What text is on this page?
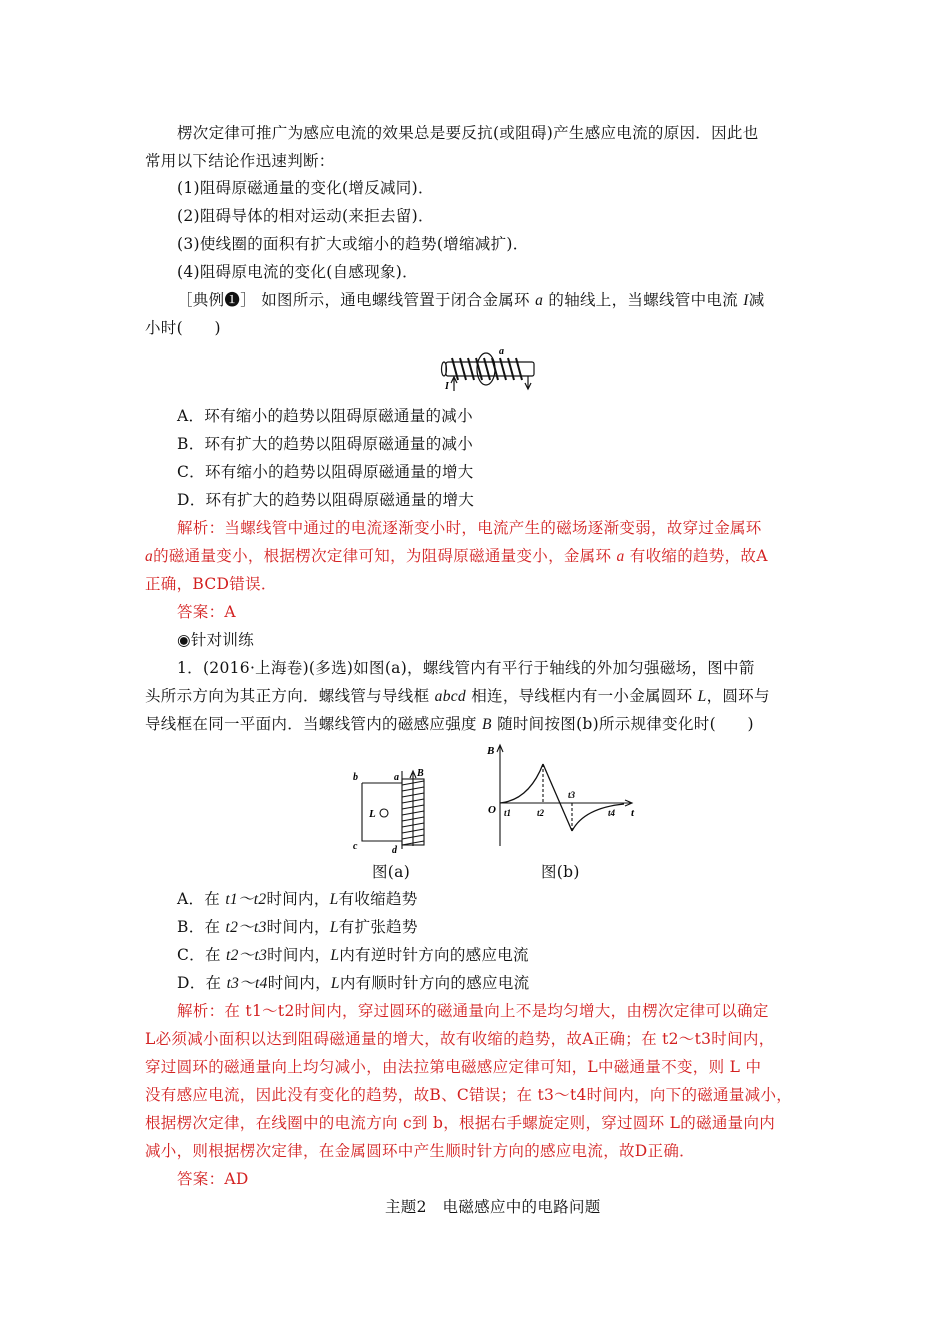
楞次定律可推广为感应电流的效果总是要反抗(或阻碍)产生感应电流的原因．因此也
常用以下结论作迅速判断：
(1)阻碍原磁通量的变化(增反减同)．
(2)阻碍导体的相对运动(来拒去留)．
(3)使线圈的面积有扩大或缩小的趋势(增缩减扩)．
(4)阻碍原电流的变化(自感现象)．
［典例❶］ 如图所示，通电螺线管置于闭合金属环 a 的轴线上，当螺线管中电流 I减
小时(　　)
a
I
A．环有缩小的趋势以阻碍原磁通量的减小
B．环有扩大的趋势以阻碍原磁通量的减小
C．环有缩小的趋势以阻碍原磁通量的增大
D．环有扩大的趋势以阻碍原磁通量的增大
解析：当螺线管中通过的电流逐渐变小时，电流产生的磁场逐渐变弱，故穿过金属环
a的磁通量变小，根据楞次定律可知，为阻碍原磁通量变小，金属环 a 有收缩的趋势，故A
正确，BCD错误．
答案：A
◉针对训练
1．(2016·上海卷)(多选)如图(a)，螺线管内有平行于轴线的外加匀强磁场，图中箭
头所示方向为其正方向．螺线管与导线框 abcd 相连，导线框内有一小金属圆环 L，圆环与
导线框在同一平面内．当螺线管内的磁感应强度 B 随时间按图(b)所示规律变化时(　　)
b	a B
L
c	d
B
O	t
t1	t2
t3
t4
图(a)	图(b)
A．在 t1～t2时间内，L有收缩趋势
B．在 t2～t3时间内，L有扩张趋势
C．在 t2～t3时间内，L内有逆时针方向的感应电流
D．在 t3～t4时间内，L内有顺时针方向的感应电流
解析：在 t1～t2时间内，穿过圆环的磁通量向上不是均匀增大，由楞次定律可以确定
L必须减小面积以达到阻碍磁通量的增大，故有收缩的趋势，故A正确；在 t2～t3时间内，
穿过圆环的磁通量向上均匀减小，由法拉第电磁感应定律可知，L中磁通量不变，则 L 中
没有感应电流，因此没有变化的趋势，故B、C错误；在 t3～t4时间内，向下的磁通量减小，
根据楞次定律，在线圈中的电流方向 c到 b，根据右手螺旋定则，穿过圆环 L的磁通量向内
减小，则根据楞次定律，在金属圆环中产生顺时针方向的感应电流，故D正确．
答案：AD
主题2　电磁感应中的电路问题
